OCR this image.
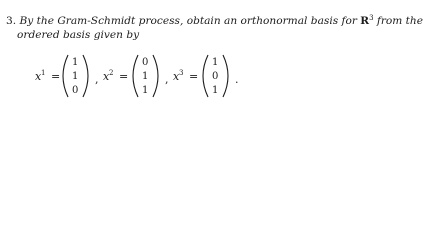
3. By the Gram-Schmidt process, obtain an orthonormal basis for $R^3$ from the
ordered basis given by
x 1 =
1
1
0
, x 2 =
0
1
1
, x 3 =
1
0
1
.
